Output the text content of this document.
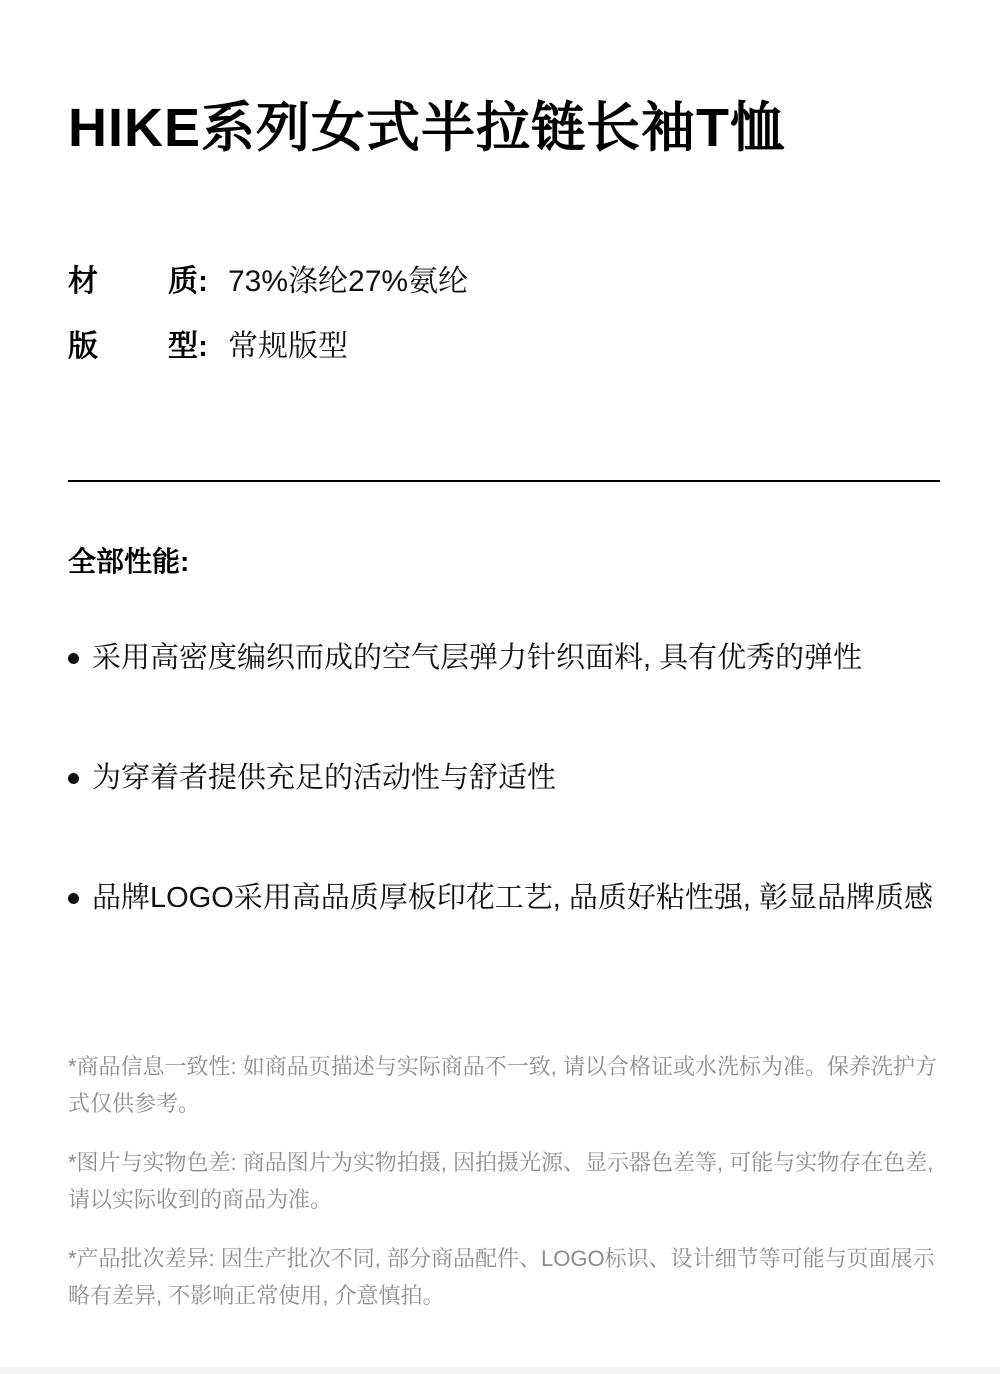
HIKE系列女式半拉链长袖T恤
材 质: 73%涤纶27%氨纶
版 型: 常规版型
全部性能:
采用高密度编织而成的空气层弹力针织面料, 具有优秀的弹性
为穿着者提供充足的活动性与舒适性
品牌LOGO采用高品质厚板印花工艺, 品质好粘性强, 彰显品牌质感

*商品信息一致性: 如商品页描述与实际商品不一致, 请以合格证或水洗标为准。保养洗护方式仅供参考。

*图片与实物色差: 商品图片为实物拍摄, 因拍摄光源、显示器色差等, 可能与实物存在色差, 请以实际收到的商品为准。

*产品批次差异: 因生产批次不同, 部分商品配件、LOGO标识、设计细节等可能与页面展示略有差异, 不影响正常使用, 介意慎拍。
